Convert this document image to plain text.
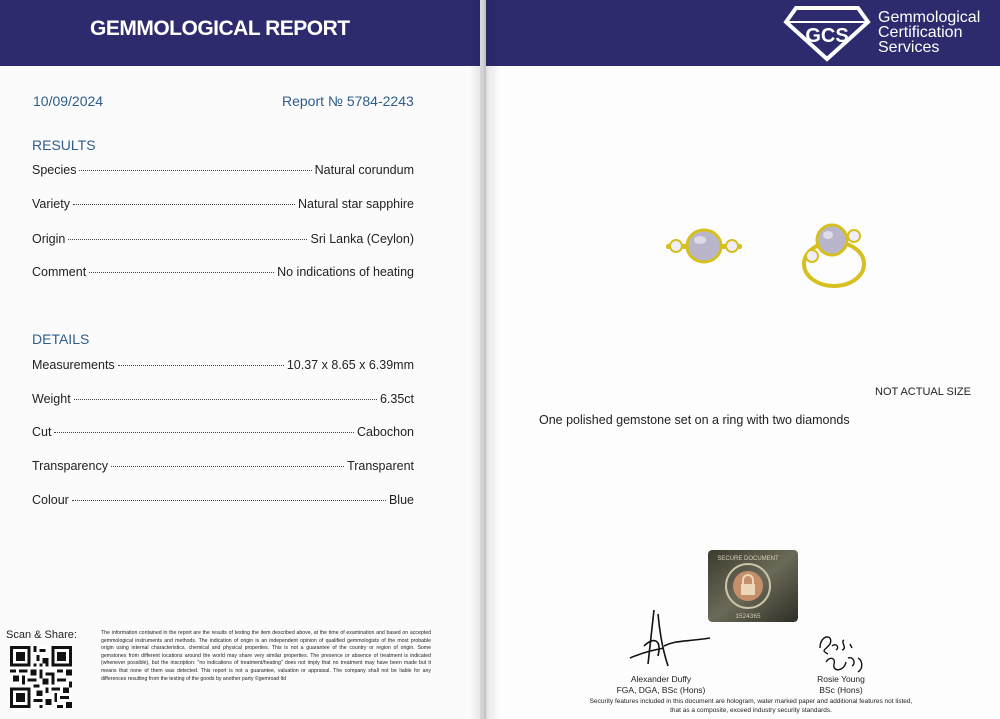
GEMMOLOGICAL REPORT
10/09/2024	Report № 5784-2243
RESULTS
Species	Natural corundum
Variety	Natural star sapphire
Origin	Sri Lanka (Ceylon)
Comment	No indications of heating
DETAILS
Measurements	10.37 x 8.65 x 6.39mm
Weight	6.35ct
Cut	Cabochon
Transparency	Transparent
Colour	Blue
Scan & Share:	The information contained in the report are the results of testing the item described above, at the time of examination and based on accepted gemmological instruments and methods. The indication of origin is an independent opinion of qualified gemmologists of the most probable origin using internal characteristics, chemical and physical properties. This is not a guarantee of the country or region of origin. Some gemstones from different locations around the world may share very similar properties. The presence or absence of treatment is indicated (whenever possible), but the inscription: "no indications of treatment/heating" does not imply that no treatment may have been made but it means that none of them was detected. This report is not a guarantee, valuation or appraisal. The company shall not be liable for any differences resulting from the testing of the goods by another party ©gemroad ltd
GCS
Gemmological
Certification
Services
NOT ACTUAL SIZE
One polished gemstone set on a ring with two diamonds
SECURE DOCUMENT
1524365
Alexander Duffy
FGA, DGA, BSc (Hons)
Rosie Young
BSc (Hons)
Security features included in this document are hologram, water marked paper and additional features not listed, that as a composite, exceed industry security standards.
